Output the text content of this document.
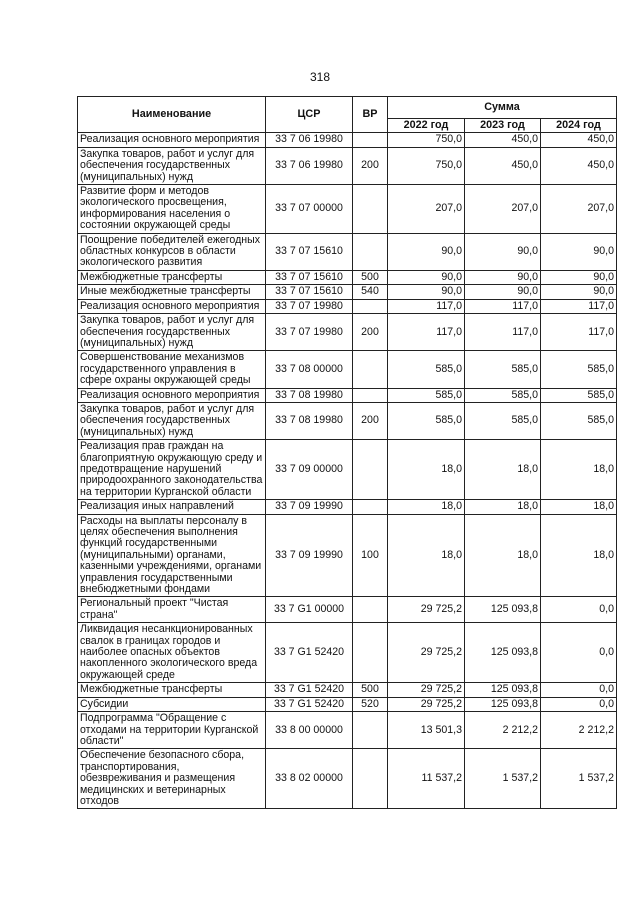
318
Наименование	ЦСР	ВР	Сумма		
			2022 год	2023 год	2024 год
Реализация основного мероприятия	33 7 06 19980		750,0	450,0	450,0
Закупка товаров, работ и услуг для обеспечения государственных (муниципальных) нужд	33 7 06 19980	200	750,0	450,0	450,0
Развитие форм и методов экологического просвещения, информирования населения о состоянии окружающей среды	33 7 07 00000		207,0	207,0	207,0
Поощрение победителей ежегодных областных конкурсов в области экологического развития	33 7 07 15610		90,0	90,0	90,0
Межбюджетные трансферты	33 7 07 15610	500	90,0	90,0	90,0
Иные межбюджетные трансферты	33 7 07 15610	540	90,0	90,0	90,0
Реализация основного мероприятия	33 7 07 19980		117,0	117,0	117,0
Закупка товаров, работ и услуг для обеспечения государственных (муниципальных) нужд	33 7 07 19980	200	117,0	117,0	117,0
Совершенствование механизмов государственного управления в сфере охраны окружающей среды	33 7 08 00000		585,0	585,0	585,0
Реализация основного мероприятия	33 7 08 19980		585,0	585,0	585,0
Закупка товаров, работ и услуг для обеспечения государственных (муниципальных) нужд	33 7 08 19980	200	585,0	585,0	585,0
Реализация прав граждан на благоприятную окружающую среду и предотвращение нарушений природоохранного законодательства на территории Курганской области	33 7 09 00000		18,0	18,0	18,0
Реализация иных направлений	33 7 09 19990		18,0	18,0	18,0
Расходы на выплаты персоналу в целях обеспечения выполнения функций государственными (муниципальными) органами, казенными учреждениями, органами управления государственными внебюджетными фондами	33 7 09 19990	100	18,0	18,0	18,0
Региональный проект "Чистая страна"	33 7 G1 00000		29 725,2	125 093,8	0,0
Ликвидация несанкционированных свалок в границах городов и наиболее опасных объектов накопленного экологического вреда окружающей среде	33 7 G1 52420		29 725,2	125 093,8	0,0
Межбюджетные трансферты	33 7 G1 52420	500	29 725,2	125 093,8	0,0
Субсидии	33 7 G1 52420	520	29 725,2	125 093,8	0,0
Подпрограмма "Обращение с отходами на территории Курганской области"	33 8 00 00000		13 501,3	2 212,2	2 212,2
Обеспечение безопасного сбора, транспортирования, обезвреживания и размещения медицинских и ветеринарных отходов	33 8 02 00000		11 537,2	1 537,2	1 537,2
